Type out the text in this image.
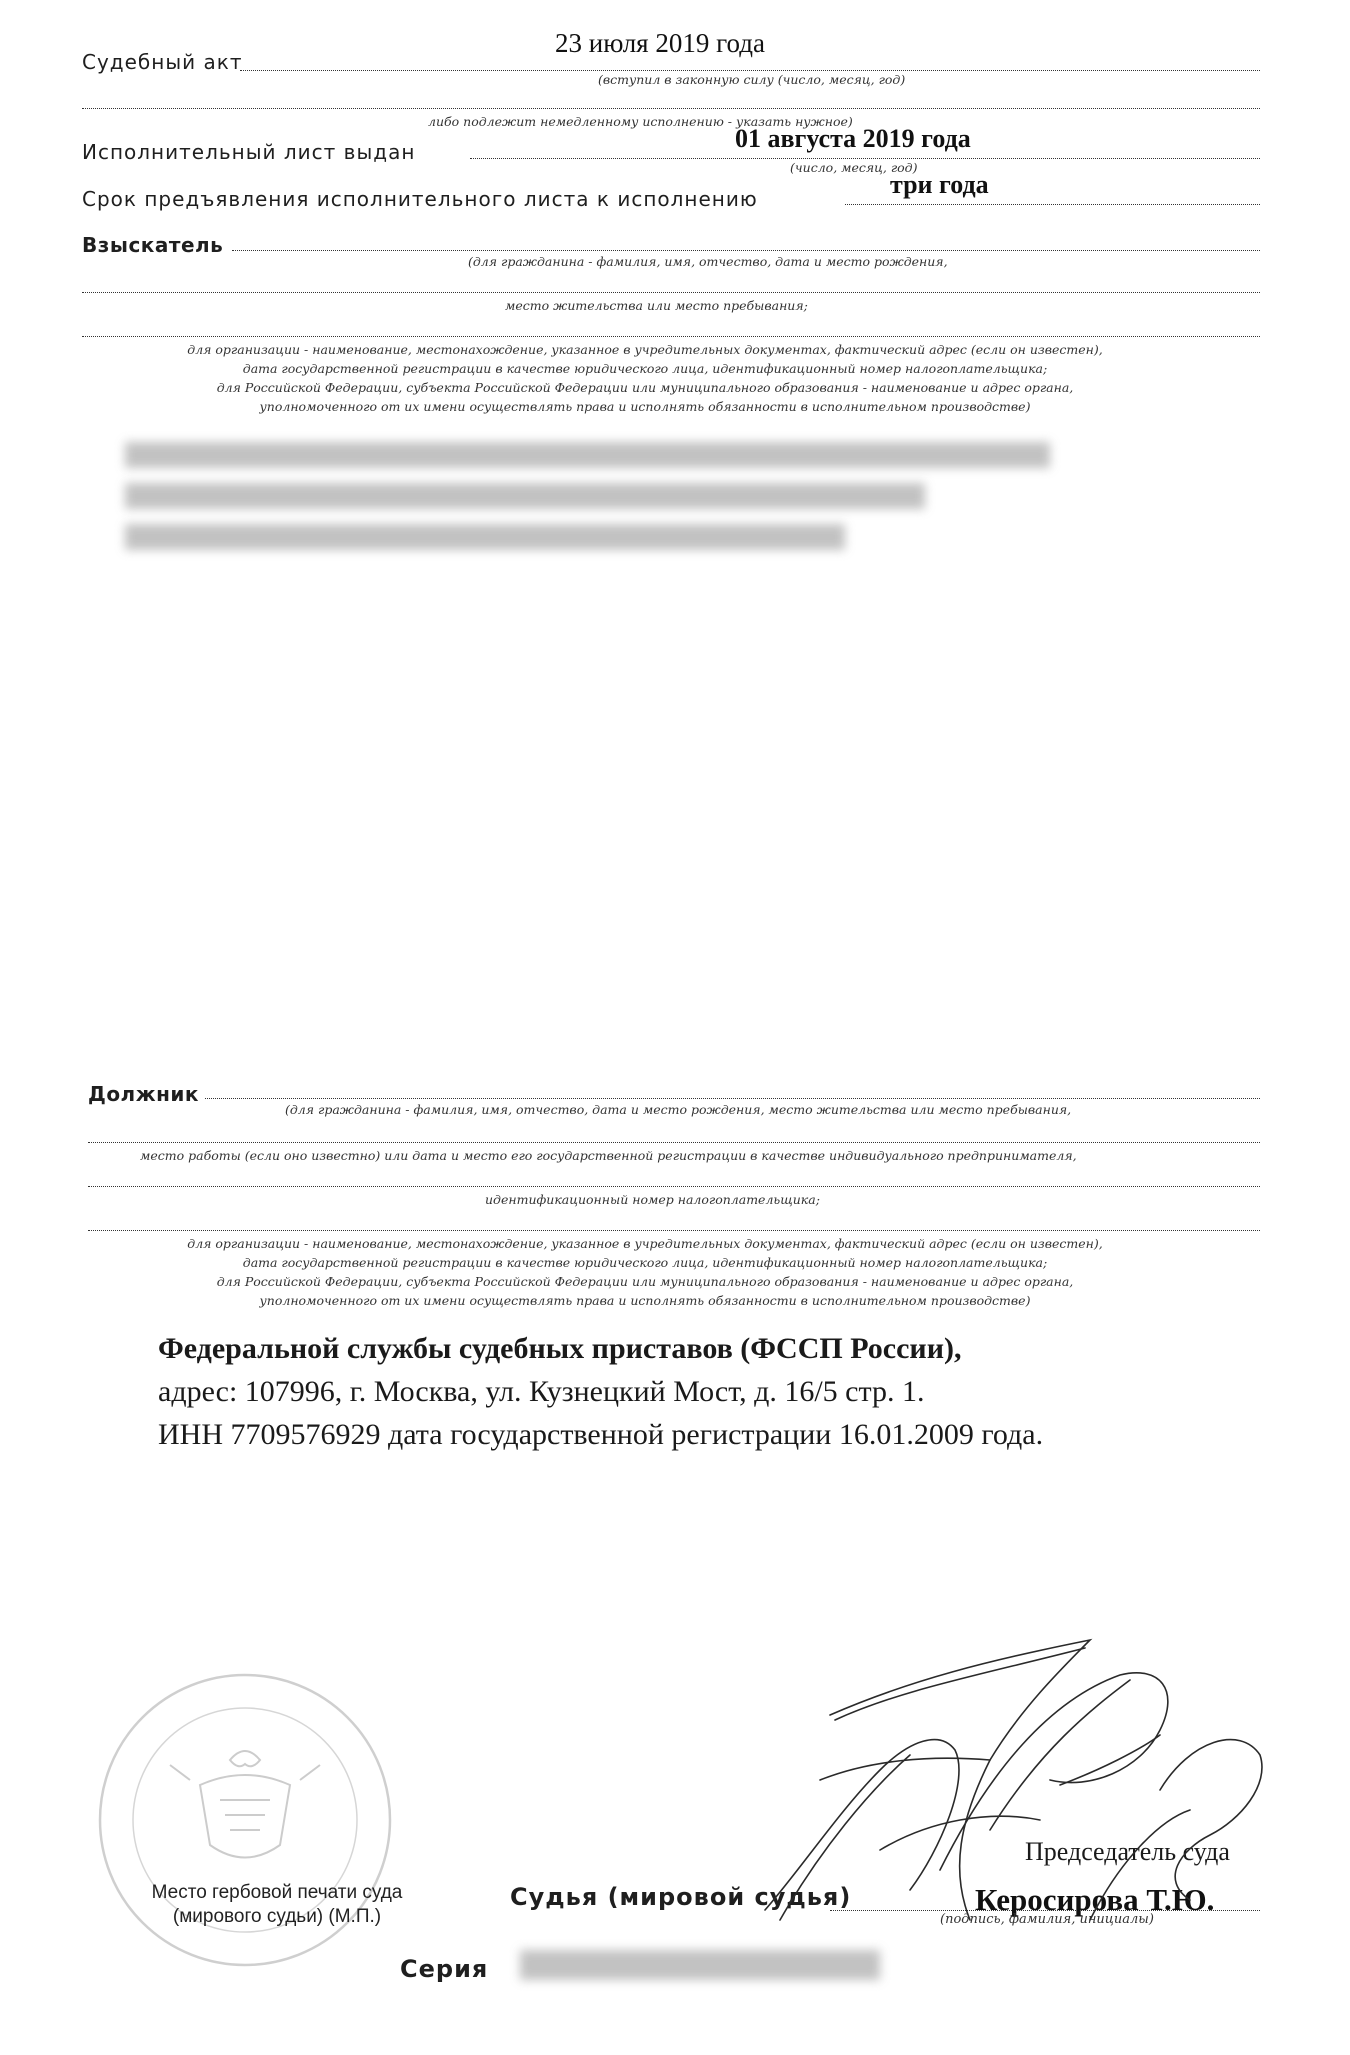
Судебный акт
23 июля 2019 года
(вступил в законную силу (число, месяц, год)
либо подлежит немедленному исполнению - указать нужное)
Исполнительный лист выдан	01 августа 2019 года
(число, месяц, год)
Срок предъявления исполнительного листа к исполнению	три года
Взыскатель
(для гражданина - фамилия, имя, отчество, дата и место рождения,
место жительства или место пребывания;
для организации - наименование, местонахождение, указанное в учредительных документах, фактический адрес (если он известен),
дата государственной регистрации в качестве юридического лица, идентификационный номер налогоплательщика;
для Российской Федерации, субъекта Российской Федерации или муниципального образования - наименование и адрес органа,
уполномоченного от их имени осуществлять права и исполнять обязанности в исполнительном производстве)
Должник
(для гражданина - фамилия, имя, отчество, дата и место рождения, место жительства или место пребывания,
место работы (если оно известно) или дата и место его государственной регистрации в качестве индивидуального предпринимателя,
идентификационный номер налогоплательщика;
для организации - наименование, местонахождение, указанное в учредительных документах, фактический адрес (если он известен),
дата государственной регистрации в качестве юридического лица, идентификационный номер налогоплательщика;
для Российской Федерации, субъекта Российской Федерации или муниципального образования - наименование и адрес органа,
уполномоченного от их имени осуществлять права и исполнять обязанности в исполнительном производстве)
Федеральной службы судебных приставов (ФССП России),
адрес: 107996, г. Москва, ул. Кузнецкий Мост, д. 16/5 стр. 1.
ИНН 7709576929 дата государственной регистрации 16.01.2009 года.
Место гербовой печати суда
(мирового судьи) (М.П.)
Судья (мировой судья)
Председатель суда
Керосирова Т.Ю.
(подпись, фамилия, инициалы)
Серия
